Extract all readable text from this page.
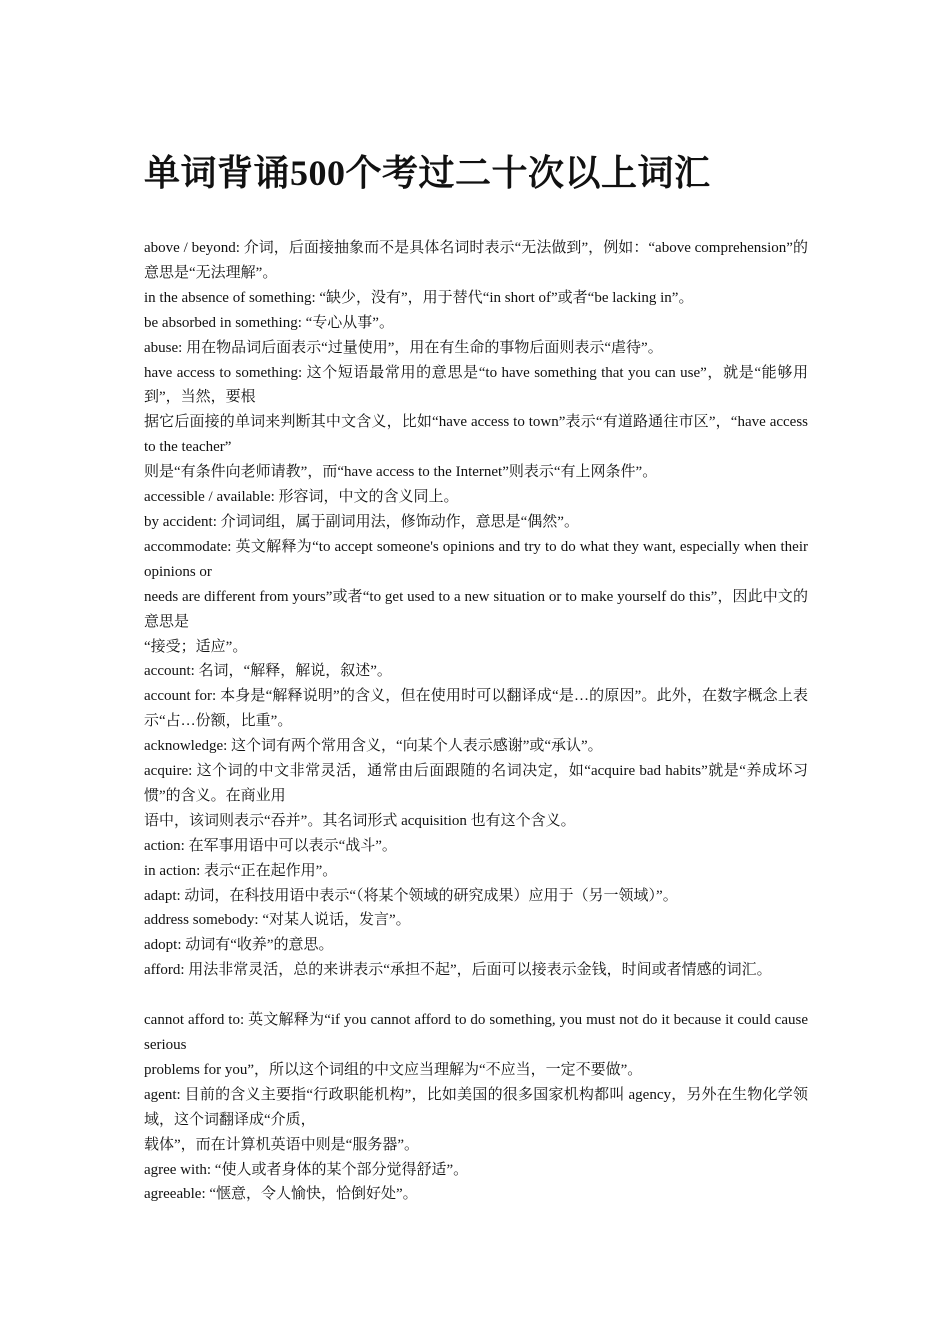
单词背诵500个考过二十次以上词汇

above / beyond: 介词，后面接抽象而不是具体名词时表示“无法做到”，例如：“above comprehension”的意思是“无法理解”。

in the absence of something: “缺少，没有”，用于替代“in short of”或者“be lacking in”。

be absorbed in something: “专心从事”。

abuse: 用在物品词后面表示“过量使用”，用在有生命的事物后面则表示“虐待”。

have access to something: 这个短语最常用的意思是“to have something that you can use”，就是“能够用到”，当然，要根

据它后面接的单词来判断其中文含义，比如“have access to town”表示“有道路通往市区”，“have access to the teacher”

则是“有条件向老师请教”，而“have access to the Internet”则表示“有上网条件”。

accessible / available: 形容词，中文的含义同上。

by accident: 介词词组，属于副词用法，修饰动作，意思是“偶然”。

accommodate: 英文解释为“to accept someone's opinions and try to do what they want, especially when their opinions or

needs are different from yours”或者“to get used to a new situation or to make yourself do this”，因此中文的意思是

“接受；适应”。

account: 名词，“解释，解说，叙述”。

account for: 本身是“解释说明”的含义，但在使用时可以翻译成“是…的原因”。此外，在数字概念上表示“占…份额，比重”。

acknowledge: 这个词有两个常用含义，“向某个人表示感谢”或“承认”。

acquire: 这个词的中文非常灵活，通常由后面跟随的名词决定，如“acquire bad habits”就是“养成坏习惯”的含义。在商业用

语中，该词则表示“吞并”。其名词形式 acquisition 也有这个含义。

action: 在军事用语中可以表示“战斗”。

in action: 表示“正在起作用”。

adapt: 动词，在科技用语中表示“（将某个领域的研究成果）应用于（另一领域）”。

address somebody: “对某人说话，发言”。

adopt: 动词有“收养”的意思。

afford: 用法非常灵活，总的来讲表示“承担不起”，后面可以接表示金钱，时间或者情感的词汇。

cannot afford to: 英文解释为“if you cannot afford to do something, you must not do it because it could cause serious

problems for you”，所以这个词组的中文应当理解为“不应当，一定不要做”。

agent: 目前的含义主要指“行政职能机构”，比如美国的很多国家机构都叫 agency，另外在生物化学领域，这个词翻译成“介质，

载体”，而在计算机英语中则是“服务器”。

agree with: “使人或者身体的某个部分觉得舒适”。

agreeable: “惬意，令人愉快，恰倒好处”。
